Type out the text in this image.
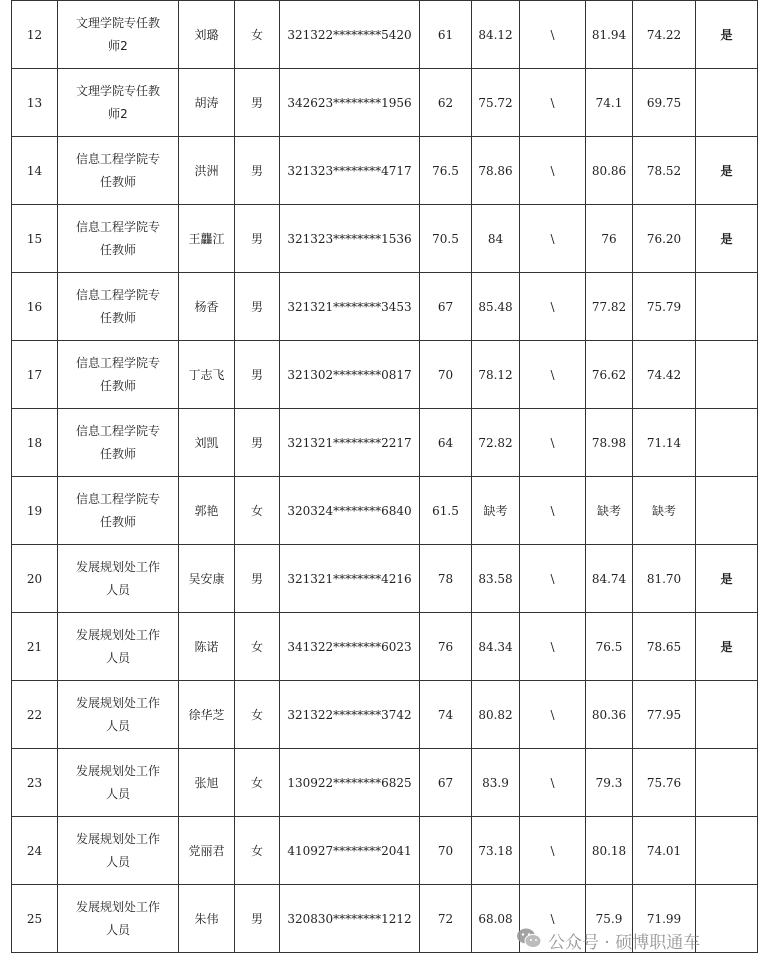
12	文理学院专任教
师2	刘璐	女	321322********5420	61	84.12	\	81.94	74.22	是
13	文理学院专任教
师2	胡涛	男	342623********1956	62	75.72	\	74.1	69.75	
14	信息工程学院专
任教师	洪洲	男	321323********4717	76.5	78.86	\	80.86	78.52	是
15	信息工程学院专
任教师	王龘江	男	321323********1536	70.5	84	\	76	76.20	是
16	信息工程学院专
任教师	杨香	男	321321********3453	67	85.48	\	77.82	75.79	
17	信息工程学院专
任教师	丁志飞	男	321302********0817	70	78.12	\	76.62	74.42	
18	信息工程学院专
任教师	刘凯	男	321321********2217	64	72.82	\	78.98	71.14	
19	信息工程学院专
任教师	郭艳	女	320324********6840	61.5	缺考	\	缺考	缺考	
20	发展规划处工作
人员	吴安康	男	321321********4216	78	83.58	\	84.74	81.70	是
21	发展规划处工作
人员	陈诺	女	341322********6023	76	84.34	\	76.5	78.65	是
22	发展规划处工作
人员	徐华芝	女	321322********3742	74	80.82	\	80.36	77.95	
23	发展规划处工作
人员	张旭	女	130922********6825	67	83.9	\	79.3	75.76	
24	发展规划处工作
人员	党丽君	女	410927********2041	70	73.18	\	80.18	74.01	
25	发展规划处工作
人员	朱伟	男	320830********1212	72	68.08	\	75.9	71.99	
公众号 · 硕博职通车
